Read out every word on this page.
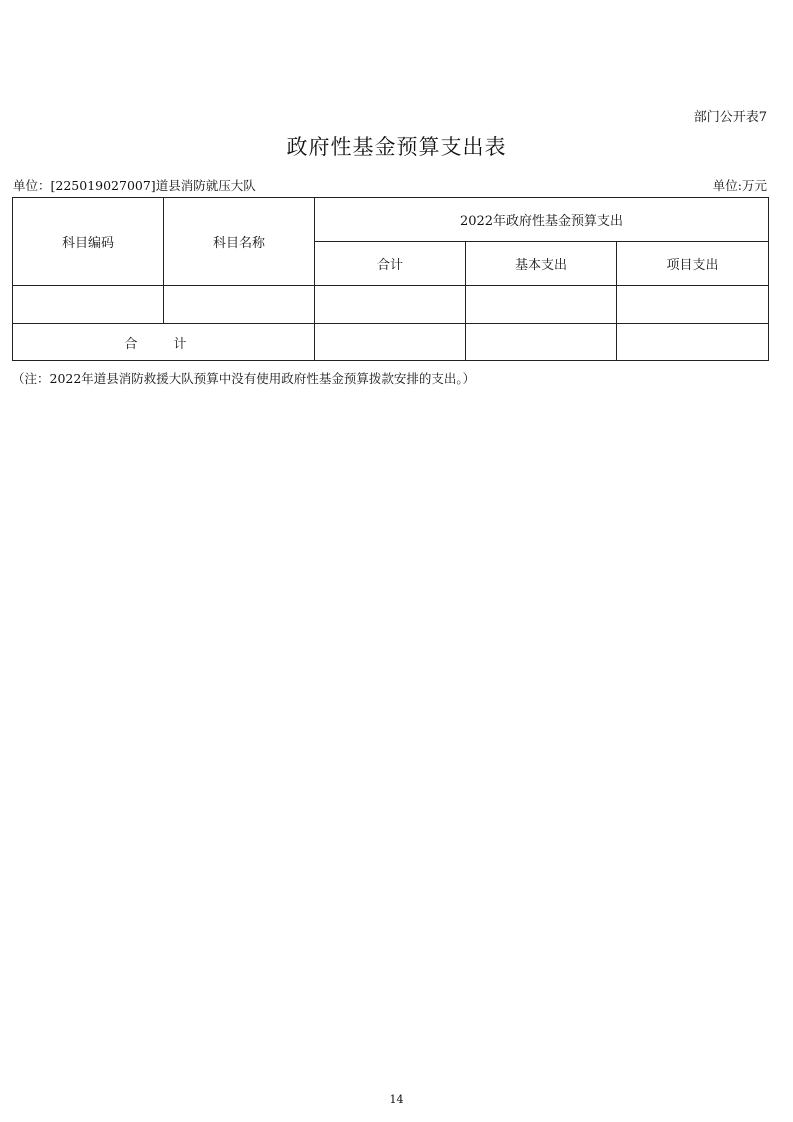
部门公开表7
政府性基金预算支出表
单位：[225019027007]道县消防就压大队	单位:万元
科目编码	科目名称	2022年政府性基金预算支出		
		合计	基本支出	项目支出

合 计				
（注：2022年道县消防救援大队预算中没有使用政府性基金预算拨款安排的支出。）
14
